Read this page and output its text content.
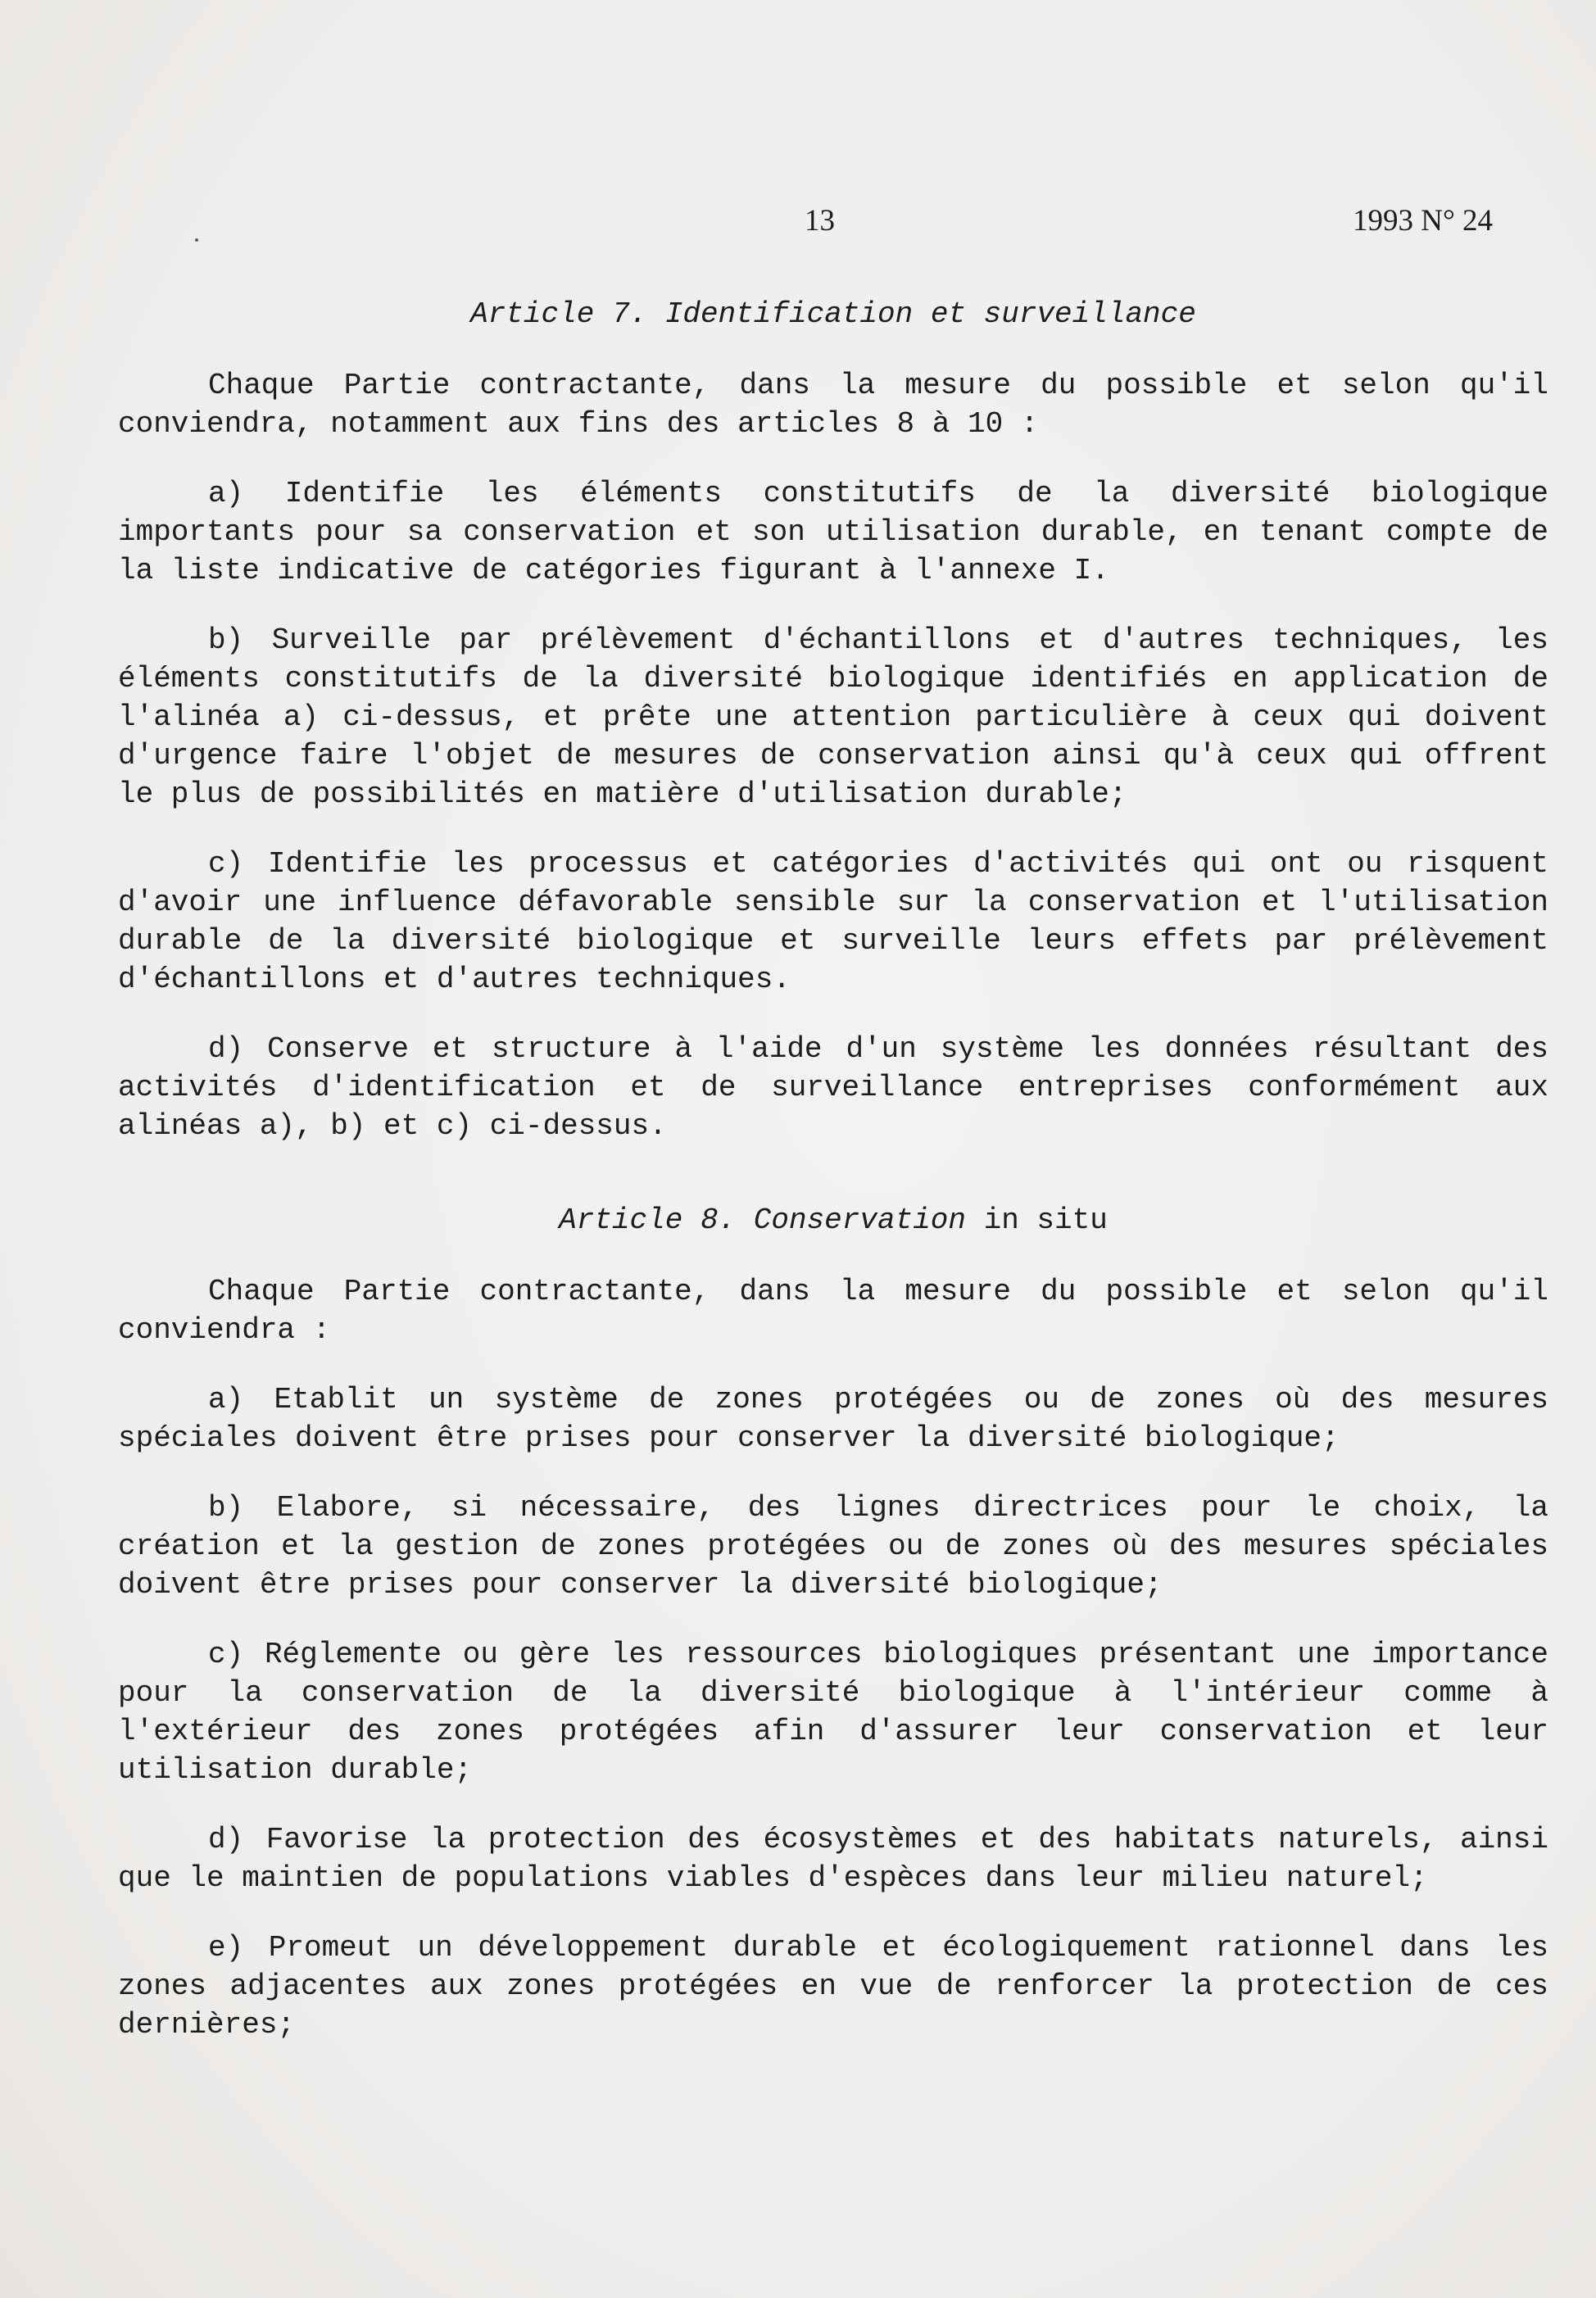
13	1993 N° 24
Article 7. Identification et surveillance

Chaque Partie contractante, dans la mesure du possible et selon qu'il conviendra, notamment aux fins des articles 8 à 10 :

a) Identifie les éléments constitutifs de la diversité biologique importants pour sa conservation et son utilisation durable, en tenant compte de la liste indicative de catégories figurant à l'annexe I.

b) Surveille par prélèvement d'échantillons et d'autres techniques, les éléments constitutifs de la diversité biologique identifiés en application de l'alinéa a) ci-dessus, et prête une attention particulière à ceux qui doivent d'urgence faire l'objet de mesures de conservation ainsi qu'à ceux qui offrent le plus de possibilités en matière d'utilisation durable;

c) Identifie les processus et catégories d'activités qui ont ou risquent d'avoir une influence défavorable sensible sur la conservation et l'utilisation durable de la diversité biologique et surveille leurs effets par prélèvement d'échantillons et d'autres techniques.

d) Conserve et structure à l'aide d'un système les données résultant des activités d'identification et de surveillance entreprises conformément aux alinéas a), b) et c) ci-dessus.

Article 8. Conservation in situ

Chaque Partie contractante, dans la mesure du possible et selon qu'il conviendra :

a) Etablit un système de zones protégées ou de zones où des mesures spéciales doivent être prises pour conserver la diversité biologique;

b) Elabore, si nécessaire, des lignes directrices pour le choix, la création et la gestion de zones protégées ou de zones où des mesures spéciales doivent être prises pour conserver la diversité biologique;

c) Réglemente ou gère les ressources biologiques présentant une importance pour la conservation de la diversité biologique à l'intérieur comme à l'extérieur des zones protégées afin d'assurer leur conservation et leur utilisation durable;

d) Favorise la protection des écosystèmes et des habitats naturels, ainsi que le maintien de populations viables d'espèces dans leur milieu naturel;

e) Promeut un développement durable et écologiquement rationnel dans les zones adjacentes aux zones protégées en vue de renforcer la protection de ces dernières;
